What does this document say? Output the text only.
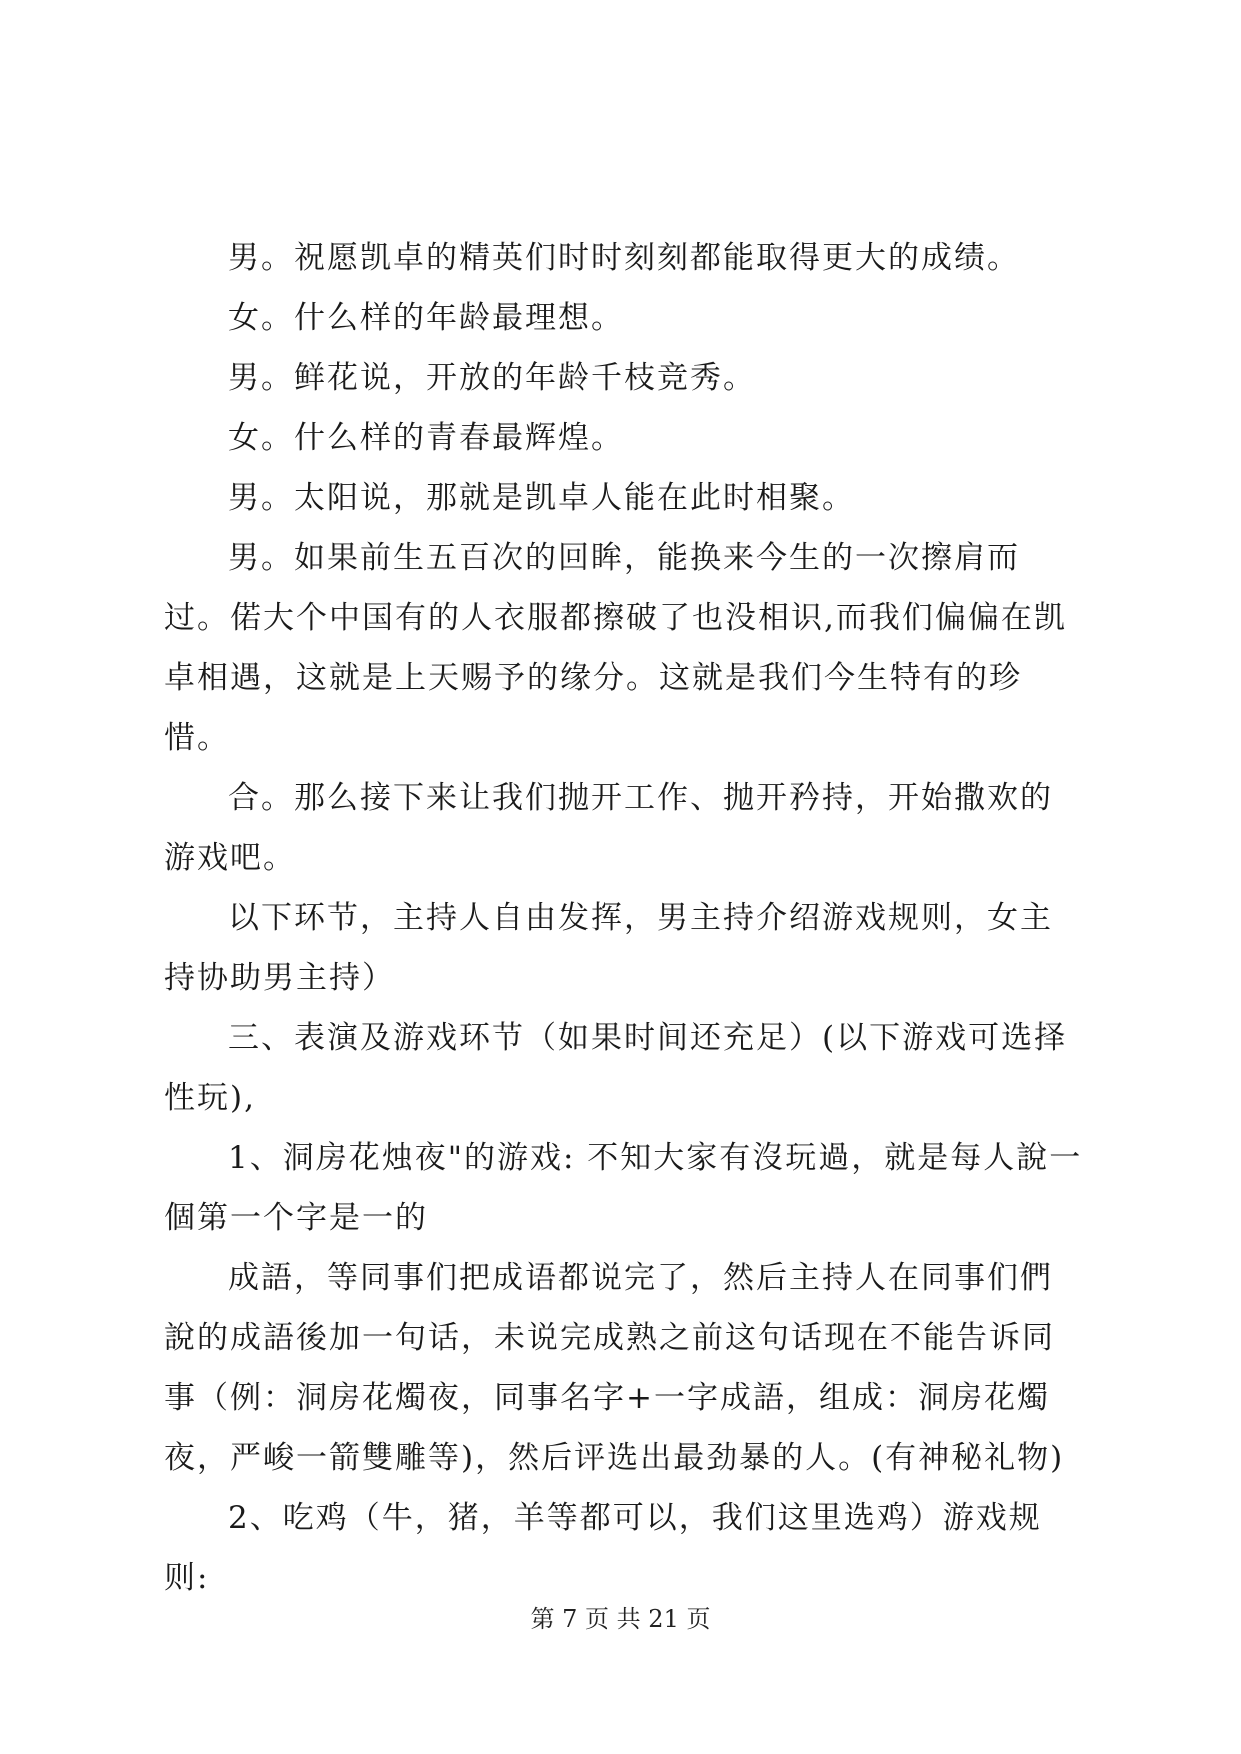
男。祝愿凯卓的精英们时时刻刻都能取得更大的成绩。

女。什么样的年龄最理想。

男。鲜花说，开放的年龄千枝竞秀。

女。什么样的青春最辉煌。

男。太阳说，那就是凯卓人能在此时相聚。

男。如果前生五百次的回眸，能换来今生的一次擦肩而过。偌大个中国有的人衣服都擦破了也没相识,而我们偏偏在凯卓相遇，这就是上天赐予的缘分。这就是我们今生特有的珍惜。

合。那么接下来让我们抛开工作、抛开矜持，开始撒欢的游戏吧。

以下环节，主持人自由发挥，男主持介绍游戏规则，女主持协助男主持）

三、表演及游戏环节（如果时间还充足）(以下游戏可选择性玩),

1、洞房花烛夜"的游戏: 不知大家有沒玩過，就是每人說一個第一个字是一的

成語，等同事们把成语都说完了，然后主持人在同事们們說的成語後加一句话，未说完成熟之前这句话现在不能告诉同事（例：洞房花燭夜，同事名字+一字成語，组成：洞房花燭夜，严峻一箭雙雕等)，然后评选出最劲暴的人。(有神秘礼物)

2、吃鸡（牛，猪，羊等都可以，我们这里选鸡）游戏规则:

第 7 页 共 21 页
